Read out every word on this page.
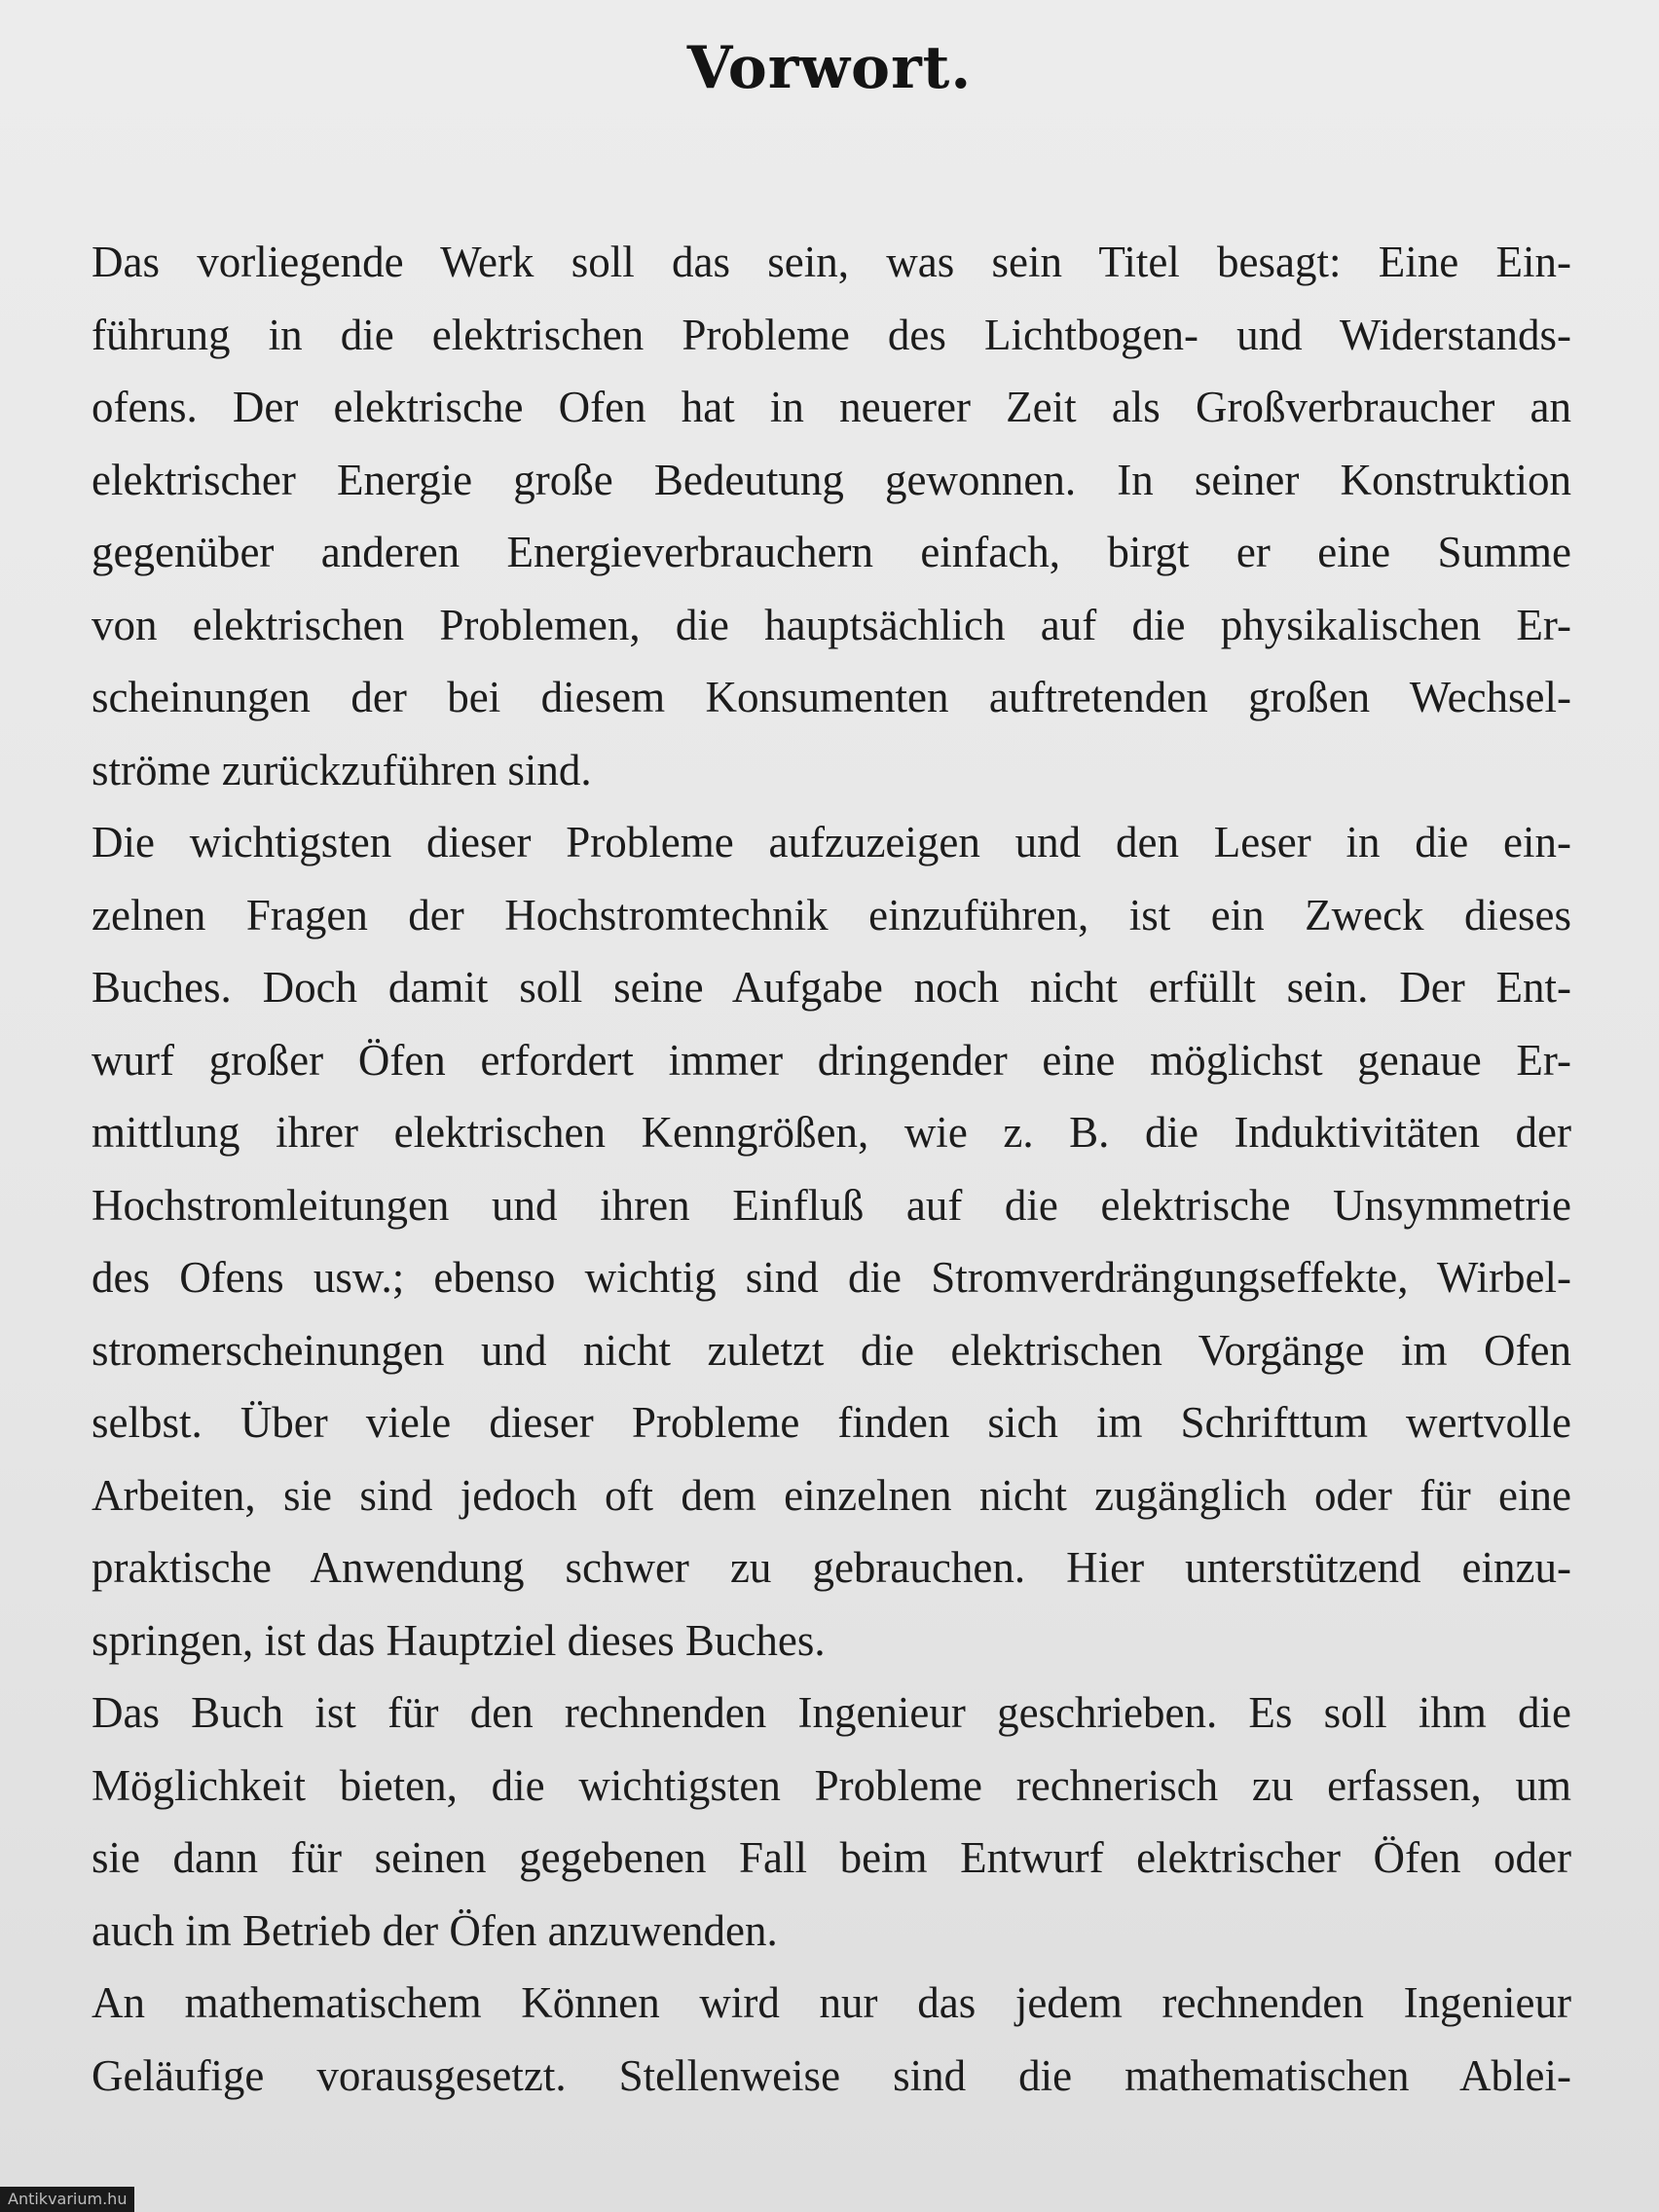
Vorwort.
Das vorliegende Werk soll das sein, was sein Titel besagt: Eine Ein-
führung in die elektrischen Probleme des Lichtbogen- und Widerstands-
ofens. Der elektrische Ofen hat in neuerer Zeit als Großverbraucher an
elektrischer Energie große Bedeutung gewonnen. In seiner Konstruktion
gegenüber anderen Energieverbrauchern einfach, birgt er eine Summe
von elektrischen Problemen, die hauptsächlich auf die physikalischen Er-
scheinungen der bei diesem Konsumenten auftretenden großen Wechsel-
ströme zurückzuführen sind.
Die wichtigsten dieser Probleme aufzuzeigen und den Leser in die ein-
zelnen Fragen der Hochstromtechnik einzuführen, ist ein Zweck dieses
Buches. Doch damit soll seine Aufgabe noch nicht erfüllt sein. Der Ent-
wurf großer Öfen erfordert immer dringender eine möglichst genaue Er-
mittlung ihrer elektrischen Kenngrößen, wie z. B. die Induktivitäten der
Hochstromleitungen und ihren Einfluß auf die elektrische Unsymmetrie
des Ofens usw.; ebenso wichtig sind die Stromverdrängungseffekte, Wirbel-
stromerscheinungen und nicht zuletzt die elektrischen Vorgänge im Ofen
selbst. Über viele dieser Probleme finden sich im Schrifttum wertvolle
Arbeiten, sie sind jedoch oft dem einzelnen nicht zugänglich oder für eine
praktische Anwendung schwer zu gebrauchen. Hier unterstützend einzu-
springen, ist das Hauptziel dieses Buches.
Das Buch ist für den rechnenden Ingenieur geschrieben. Es soll ihm die
Möglichkeit bieten, die wichtigsten Probleme rechnerisch zu erfassen, um
sie dann für seinen gegebenen Fall beim Entwurf elektrischer Öfen oder
auch im Betrieb der Öfen anzuwenden.
An mathematischem Können wird nur das jedem rechnenden Ingenieur
Geläufige vorausgesetzt. Stellenweise sind die mathematischen Ablei-
Antikvarium.hu
